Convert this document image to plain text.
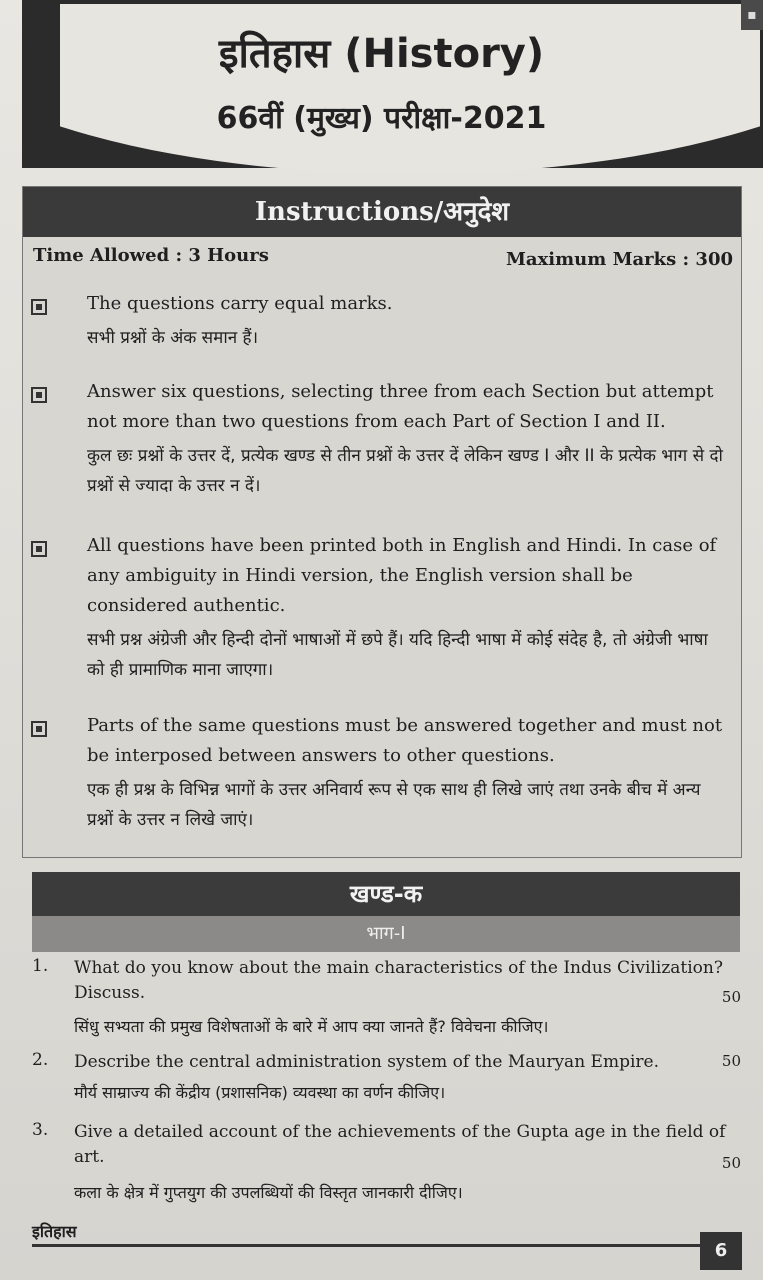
इतिहास (History)
66वीं (मुख्य) परीक्षा-2021
▪
Instructions/अनुदेश
Time Allowed : 3 Hours	Maximum Marks : 300
The questions carry equal marks.
सभी प्रश्नों के अंक समान हैं।
Answer six questions, selecting three from each Section but attempt not more than two questions from each Part of Section I and II.
कुल छः प्रश्नों के उत्तर दें, प्रत्येक खण्ड से तीन प्रश्नों के उत्तर दें लेकिन खण्ड I और II के प्रत्येक भाग से दो प्रश्नों से ज्यादा के उत्तर न दें।
All questions have been printed both in English and Hindi. In case of any ambiguity in Hindi version, the English version shall be considered authentic.
सभी प्रश्न अंग्रेजी और हिन्दी दोनों भाषाओं में छपे हैं। यदि हिन्दी भाषा में कोई संदेह है, तो अंग्रेजी भाषा को ही प्रामाणिक माना जाएगा।
Parts of the same questions must be answered together and must not be interposed between answers to other questions.
एक ही प्रश्न के विभिन्न भागों के उत्तर अनिवार्य रूप से एक साथ ही लिखे जाएं तथा उनके बीच में अन्य प्रश्नों के उत्तर न लिखे जाएं।
खण्ड-क
भाग-I
1. What do you know about the main characteristics of the Indus Civilization? Discuss.	50
सिंधु सभ्यता की प्रमुख विशेषताओं के बारे में आप क्या जानते हैं? विवेचना कीजिए।
2. Describe the central administration system of the Mauryan Empire.	50
मौर्य साम्राज्य की केंद्रीय (प्रशासनिक) व्यवस्था का वर्णन कीजिए।
3. Give a detailed account of the achievements of the Gupta age in the field of art.	50
कला के क्षेत्र में गुप्तयुग की उपलब्धियों की विस्तृत जानकारी दीजिए।
इतिहास
6
